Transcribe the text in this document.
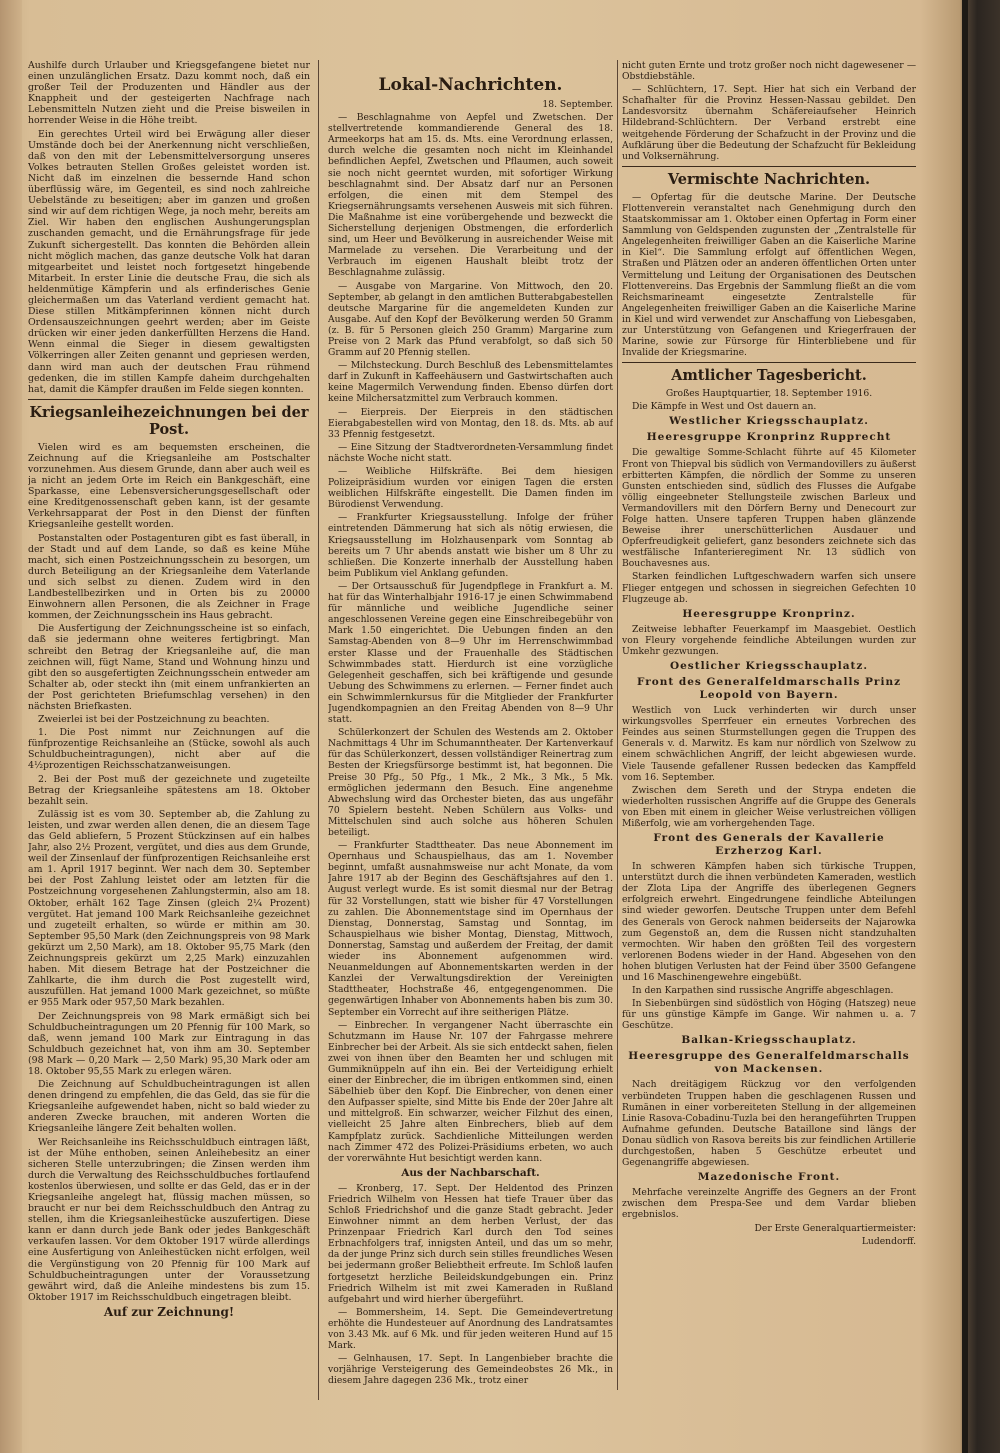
Aushilfe durch Urlauber und Kriegsgefangene bietet nur einen unzulänglichen Ersatz. Dazu kommt noch, daß ein großer Teil der Produzenten und Händler aus der Knappheit und der gesteigerten Nachfrage nach Lebensmitteln Nutzen zieht und die Preise bisweilen in horrender Weise in die Höhe treibt.

Ein gerechtes Urteil wird bei Erwägung aller dieser Umstände doch bei der Anerkennung nicht verschließen, daß von den mit der Lebensmittelversorgung unseres Volkes betrauten Stellen Großes geleistet worden ist. Nicht daß im einzelnen die bessernde Hand schon überflüssig wäre, im Gegenteil, es sind noch zahlreiche Uebelstände zu beseitigen; aber im ganzen und großen sind wir auf dem richtigen Wege, ja noch mehr, bereits am Ziel. Wir haben den englischen Aushungerungsplan zuschanden gemacht, und die Ernährungsfrage für jede Zukunft sichergestellt. Das konnten die Behörden allein nicht möglich machen, das ganze deutsche Volk hat daran mitgearbeitet und leistet noch fortgesetzt hingebende Mitarbeit. In erster Linie die deutsche Frau, die sich als heldenmütige Kämpferin und als erfinderisches Genie gleichermaßen um das Vaterland verdient gemacht hat. Diese stillen Mitkämpferinnen können nicht durch Ordensauszeichnungen geehrt werden; aber im Geiste drücken wir einer jeden dankerfüllten Herzens die Hand. Wenn einmal die Sieger in diesem gewaltigsten Völkerringen aller Zeiten genannt und gepriesen werden, dann wird man auch der deutschen Frau rühmend gedenken, die im stillen Kampfe daheim durchgehalten hat, damit die Kämpfer draußen im Felde siegen konnten.

Kriegsanleihezeichnungen bei der Post.

Vielen wird es am bequemsten erscheinen, die Zeichnung auf die Kriegsanleihe am Postschalter vorzunehmen. Aus diesem Grunde, dann aber auch weil es ja nicht an jedem Orte im Reich ein Bankgeschäft, eine Sparkasse, eine Lebensversicherungsgesellschaft oder eine Kreditgenossenschaft geben kann, ist der gesamte Verkehrsapparat der Post in den Dienst der fünften Kriegsanleihe gestellt worden.

Postanstalten oder Postagenturen gibt es fast überall, in der Stadt und auf dem Lande, so daß es keine Mühe macht, sich einen Postzeichnungsschein zu besorgen, um durch Beteiligung an der Kriegsanleihe dem Vaterlande und sich selbst zu dienen. Zudem wird in den Landbestellbezirken und in Orten bis zu 20000 Einwohnern allen Personen, die als Zeichner in Frage kommen, der Zeichnungsschein ins Haus gebracht.

Die Ausfertigung der Zeichnungsscheine ist so einfach, daß sie jedermann ohne weiteres fertigbringt. Man schreibt den Betrag der Kriegsanleihe auf, die man zeichnen will, fügt Name, Stand und Wohnung hinzu und gibt den so ausgefertigten Zeichnungsschein entweder am Schalter ab, oder steckt ihn (mit einem unfrankierten an der Post gerichteten Briefumschlag versehen) in den nächsten Briefkasten.

Zweierlei ist bei der Postzeichnung zu beachten.

1. Die Post nimmt nur Zeichnungen auf die fünfprozentige Reichsanleihe an (Stücke, sowohl als auch Schuldbucheintragungen), nicht aber auf die 4½prozentigen Reichsschatzanweisungen.

2. Bei der Post muß der gezeichnete und zugeteilte Betrag der Kriegsanleihe spätestens am 18. Oktober bezahlt sein.

Zulässig ist es vom 30. September ab, die Zahlung zu leisten, und zwar werden allen denen, die an diesem Tage das Geld abliefern, 5 Prozent Stückzinsen auf ein halbes Jahr, also 2½ Prozent, vergütet, und dies aus dem Grunde, weil der Zinsenlauf der fünfprozentigen Reichsanleihe erst am 1. April 1917 beginnt. Wer nach dem 30. September bei der Post Zahlung leistet oder am letzten für die Postzeichnung vorgesehenen Zahlungstermin, also am 18. Oktober, erhält 162 Tage Zinsen (gleich 2¼ Prozent) vergütet. Hat jemand 100 Mark Reichsanleihe gezeichnet und zugeteilt erhalten, so würde er mithin am 30. September 95,50 Mark (den Zeichnungspreis von 98 Mark gekürzt um 2,50 Mark), am 18. Oktober 95,75 Mark (den Zeichnungspreis gekürzt um 2,25 Mark) einzuzahlen haben. Mit diesem Betrage hat der Postzeichner die Zahlkarte, die ihm durch die Post zugestellt wird, auszufüllen. Hat jemand 1000 Mark gezeichnet, so müßte er 955 Mark oder 957,50 Mark bezahlen.

Der Zeichnungspreis von 98 Mark ermäßigt sich bei Schuldbucheintragungen um 20 Pfennig für 100 Mark, so daß, wenn jemand 100 Mark zur Eintragung in das Schuldbuch gezeichnet hat, von ihm am 30. September (98 Mark — 0,20 Mark — 2,50 Mark) 95,30 Mark oder am 18. Oktober 95,55 Mark zu erlegen wären.

Die Zeichnung auf Schuldbucheintragungen ist allen denen dringend zu empfehlen, die das Geld, das sie für die Kriegsanleihe aufgewendet haben, nicht so bald wieder zu anderen Zwecke brauchen, mit anderen Worten die Kriegsanleihe längere Zeit behalten wollen.

Wer Reichsanleihe ins Reichsschuldbuch eintragen läßt, ist der Mühe enthoben, seinen Anleihebesitz an einer sicheren Stelle unterzubringen; die Zinsen werden ihm durch die Verwaltung des Reichsschuldbuches fortlaufend kostenlos überwiesen, und sollte er das Geld, das er in der Kriegsanleihe angelegt hat, flüssig machen müssen, so braucht er nur bei dem Reichsschuldbuch den Antrag zu stellen, ihm die Kriegsanleihestücke auszufertigen. Diese kann er dann durch jede Bank oder jedes Bankgeschäft verkaufen lassen. Vor dem Oktober 1917 würde allerdings eine Ausfertigung von Anleihestücken nicht erfolgen, weil die Vergünstigung von 20 Pfennig für 100 Mark auf Schuldbucheintragungen unter der Voraussetzung gewährt wird, daß die Anleihe mindestens bis zum 15. Oktober 1917 im Reichsschuldbuch eingetragen bleibt.

Auf zur Zeichnung!
Lokal-Nachrichten.

18. September.

— Beschlagnahme von Aepfel und Zwetschen. Der stellvertretende kommandierende General des 18. Armeekorps hat am 15. ds. Mts. eine Verordnung erlassen, durch welche die gesamten noch nicht im Kleinhandel befindlichen Aepfel, Zwetschen und Pflaumen, auch soweit sie noch nicht geerntet wurden, mit sofortiger Wirkung beschlagnahmt sind. Der Absatz darf nur an Personen erfolgen, die einen mit dem Stempel des Kriegsernährungsamts versehenen Ausweis mit sich führen. Die Maßnahme ist eine vorübergehende und bezweckt die Sicherstellung derjenigen Obstmengen, die erforderlich sind, um Heer und Bevölkerung in ausreichender Weise mit Marmelade zu versehen. Die Verarbeitung und der Verbrauch im eigenen Haushalt bleibt trotz der Beschlagnahme zulässig.

— Ausgabe von Margarine. Von Mittwoch, den 20. September, ab gelangt in den amtlichen Butterabgabestellen deutsche Margarine für die angemeldeten Kunden zur Ausgabe. Auf den Kopf der Bevölkerung werden 50 Gramm (z. B. für 5 Personen gleich 250 Gramm) Margarine zum Preise von 2 Mark das Pfund verabfolgt, so daß sich 50 Gramm auf 20 Pfennig stellen.

— Milchsteckung. Durch Beschluß des Lebensmittelamtes darf in Zukunft in Kaffeehäusern und Gastwirtschaften auch keine Magermilch Verwendung finden. Ebenso dürfen dort keine Milchersatzmittel zum Verbrauch kommen.

— Eierpreis. Der Eierpreis in den städtischen Eierabgabestellen wird von Montag, den 18. ds. Mts. ab auf 33 Pfennig festgesetzt.

— Eine Sitzung der Stadtverordneten-Versammlung findet nächste Woche nicht statt.

— Weibliche Hilfskräfte. Bei dem hiesigen Polizeipräsidium wurden vor einigen Tagen die ersten weiblichen Hilfskräfte eingestellt. Die Damen finden im Bürodienst Verwendung.

— Frankfurter Kriegsausstellung. Infolge der früher eintretenden Dämmerung hat sich als nötig erwiesen, die Kriegsausstellung im Holzhausenpark vom Sonntag ab bereits um 7 Uhr abends anstatt wie bisher um 8 Uhr zu schließen. Die Konzerte innerhalb der Ausstellung haben beim Publikum viel Anklang gefunden.

— Der Ortsausschuß für Jugendpflege in Frankfurt a. M. hat für das Winterhalbjahr 1916-17 je einen Schwimmabend für männliche und weibliche Jugendliche seiner angeschlossenen Vereine gegen eine Einschreibegebühr von Mark 1.50 eingerichtet. Die Uebungen finden an den Samstag-Abenden von 8—9 Uhr im Herrenschwimmbad erster Klasse und der Frauenhalle des Städtischen Schwimmbades statt. Hierdurch ist eine vorzügliche Gelegenheit geschaffen, sich bei kräftigende und gesunde Uebung des Schwimmens zu erlernen. — Ferner findet auch ein Schwimmlernkursus für die Mitglieder der Frankfurter Jugendkompagnien an den Freitag Abenden von 8—9 Uhr statt.

Schülerkonzert der Schulen des Westends am 2. Oktober Nachmittags 4 Uhr im Schumanntheater. Der Kartenverkauf für das Schülerkonzert, dessen vollständiger Reinertrag zum Besten der Kriegsfürsorge bestimmt ist, hat begonnen. Die Preise 30 Pfg., 50 Pfg., 1 Mk., 2 Mk., 3 Mk., 5 Mk. ermöglichen jedermann den Besuch. Eine angenehme Abwechslung wird das Orchester bieten, das aus ungefähr 70 Spielern besteht. Neben Schülern aus Volks- und Mittelschulen sind auch solche aus höheren Schulen beteiligt.

— Frankfurter Stadttheater. Das neue Abonnement im Opernhaus und Schauspielhaus, das am 1. November beginnt, umfaßt ausnahmsweise nur acht Monate, da vom Jahre 1917 ab der Beginn des Geschäftsjahres auf den 1. August verlegt wurde. Es ist somit diesmal nur der Betrag für 32 Vorstellungen, statt wie bisher für 47 Vorstellungen zu zahlen. Die Abonnementstage sind im Opernhaus der Dienstag, Donnerstag, Samstag und Sonntag, im Schauspielhaus wie bisher Montag, Dienstag, Mittwoch, Donnerstag, Samstag und außerdem der Freitag, der damit wieder ins Abonnement aufgenommen wird. Neuanmeldungen auf Abonnementskarten werden in der Kanzlei der Verwaltungsdirektion der Vereinigten Stadttheater, Hochstraße 46, entgegengenommen. Die gegenwärtigen Inhaber von Abonnements haben bis zum 30. September ein Vorrecht auf ihre seitherigen Plätze.

— Einbrecher. In vergangener Nacht überraschte ein Schutzmann im Hause Nr. 107 der Fahrgasse mehrere Einbrecher bei der Arbeit. Als sie sich entdeckt sahen, fielen zwei von ihnen über den Beamten her und schlugen mit Gummiknüppeln auf ihn ein. Bei der Verteidigung erhielt einer der Einbrecher, die im übrigen entkommen sind, einen Säbelhieb über den Kopf. Die Einbrecher, von denen einer den Aufpasser spielte, sind Mitte bis Ende der 20er Jahre alt und mittelgroß. Ein schwarzer, weicher Filzhut des einen, vielleicht 25 Jahre alten Einbrechers, blieb auf dem Kampfplatz zurück. Sachdienliche Mitteilungen werden nach Zimmer 472 des Polizei-Präsidiums erbeten, wo auch der vorerwähnte Hut besichtigt werden kann.

Aus der Nachbarschaft.

— Kronberg, 17. Sept. Der Heldentod des Prinzen Friedrich Wilhelm von Hessen hat tiefe Trauer über das Schloß Friedrichshof und die ganze Stadt gebracht. Jeder Einwohner nimmt an dem herben Verlust, der das Prinzenpaar Friedrich Karl durch den Tod seines Erbnachfolgers traf, innigsten Anteil, und das um so mehr, da der junge Prinz sich durch sein stilles freundliches Wesen bei jedermann großer Beliebtheit erfreute. Im Schloß laufen fortgesetzt herzliche Beileidskundgebungen ein. Prinz Friedrich Wilhelm ist mit zwei Kameraden in Rußland aufgebahrt und wird hierher übergeführt.

— Bommersheim, 14. Sept. Die Gemeindevertretung erhöhte die Hundesteuer auf Anordnung des Landratsamtes von 3.43 Mk. auf 6 Mk. und für jeden weiteren Hund auf 15 Mark.

— Gelnhausen, 17. Sept. In Langenbieber brachte die vorjährige Versteigerung des Gemeindeobstes 26 Mk., in diesem Jahre dagegen 236 Mk., trotz einer

nicht guten Ernte und trotz großer noch nicht dagewesener — Obstdiebstähle.

— Schlüchtern, 17. Sept. Hier hat sich ein Verband der Schafhalter für die Provinz Hessen-Nassau gebildet. Den Landesvorsitz übernahm Schäfereiaufseher Heinrich Hildebrand-Schlüchtern. Der Verband erstrebt eine weitgehende Förderung der Schafzucht in der Provinz und die Aufklärung über die Bedeutung der Schafzucht für Bekleidung und Volksernährung.

Vermischte Nachrichten.

— Opfertag für die deutsche Marine. Der Deutsche Flottenverein veranstaltet nach Genehmigung durch den Staatskommissar am 1. Oktober einen Opfertag in Form einer Sammlung von Geldspenden zugunsten der „Zentralstelle für Angelegenheiten freiwilliger Gaben an die Kaiserliche Marine in Kiel“. Die Sammlung erfolgt auf öffentlichen Wegen, Straßen und Plätzen oder an anderen öffentlichen Orten unter Vermittelung und Leitung der Organisationen des Deutschen Flottenvereins. Das Ergebnis der Sammlung fließt an die vom Reichsmarineamt eingesetzte Zentralstelle für Angelegenheiten freiwilliger Gaben an die Kaiserliche Marine in Kiel und wird verwendet zur Anschaffung von Liebesgaben, zur Unterstützung von Gefangenen und Kriegerfrauen der Marine, sowie zur Fürsorge für Hinterbliebene und für Invalide der Kriegsmarine.

Amtlicher Tagesbericht.

Großes Hauptquartier, 18. September 1916.

Die Kämpfe in West und Ost dauern an.

Westlicher Kriegsschauplatz.
Heeresgruppe Kronprinz Rupprecht

Die gewaltige Somme-Schlacht führte auf 45 Kilometer Front von Thiepval bis südlich von Vermandovillers zu äußerst erbitterten Kämpfen, die nördlich der Somme zu unseren Gunsten entschieden sind, südlich des Flusses die Aufgabe völlig eingeebneter Stellungsteile zwischen Barleux und Vermandovillers mit den Dörfern Berny und Denecourt zur Folge hatten. Unsere tapferen Truppen haben glänzende Beweise ihrer unerschütterlichen Ausdauer und Opferfreudigkeit geliefert, ganz besonders zeichnete sich das westfälische Infanterieregiment Nr. 13 südlich von Bouchavesnes aus.

Starken feindlichen Luftgeschwadern warfen sich unsere Flieger entgegen und schossen in siegreichen Gefechten 10 Flugzeuge ab.

Heeresgruppe Kronprinz.

Zeitweise lebhafter Feuerkampf im Maasgebiet. Oestlich von Fleury vorgehende feindliche Abteilungen wurden zur Umkehr gezwungen.

Oestlicher Kriegsschauplatz.
Front des Generalfeldmarschalls Prinz Leopold von Bayern.

Westlich von Luck verhinderten wir durch unser wirkungsvolles Sperrfeuer ein erneutes Vorbrechen des Feindes aus seinen Sturmstellungen gegen die Truppen des Generals v. d. Marwitz. Es kam nur nördlich von Szelwow zu einem schwächlichen Angriff, der leicht abgewiesen wurde. Viele Tausende gefallener Russen bedecken das Kampffeld vom 16. September.

Zwischen dem Sereth und der Strypa endeten die wiederholten russischen Angriffe auf die Gruppe des Generals von Eben mit einem in gleicher Weise verlustreichen völligen Mißerfolg, wie am vorhergehenden Tage.

Front des Generals der Kavallerie Erzherzog Karl.

In schweren Kämpfen haben sich türkische Truppen, unterstützt durch die ihnen verbündeten Kameraden, westlich der Zlota Lipa der Angriffe des überlegenen Gegners erfolgreich erwehrt. Eingedrungene feindliche Abteilungen sind wieder geworfen. Deutsche Truppen unter dem Befehl des Generals von Gerock nahmen beiderseits der Najarowka zum Gegenstoß an, dem die Russen nicht standzuhalten vermochten. Wir haben den größten Teil des vorgestern verlorenen Bodens wieder in der Hand. Abgesehen von den hohen blutigen Verlusten hat der Feind über 3500 Gefangene und 16 Maschinengewehre eingebüßt.

In den Karpathen sind russische Angriffe abgeschlagen.

In Siebenbürgen sind südöstlich von Höging (Hatszeg) neue für uns günstige Kämpfe im Gange. Wir nahmen u. a. 7 Geschütze.

Balkan-Kriegsschauplatz.
Heeresgruppe des Generalfeldmarschalls von Mackensen.

Nach dreitägigem Rückzug vor den verfolgenden verbündeten Truppen haben die geschlagenen Russen und Rumänen in einer vorbereiteten Stellung in der allgemeinen Linie Rasova-Cobadinu-Tuzla bei den herangeführten Truppen Aufnahme gefunden. Deutsche Bataillone sind längs der Donau südlich von Rasova bereits bis zur feindlichen Artillerie durchgestoßen, haben 5 Geschütze erbeutet und Gegenangriffe abgewiesen.

Mazedonische Front.

Mehrfache vereinzelte Angriffe des Gegners an der Front zwischen dem Prespa-See und dem Vardar blieben ergebnislos.

Der Erste Generalquartiermeister:

Ludendorff.
